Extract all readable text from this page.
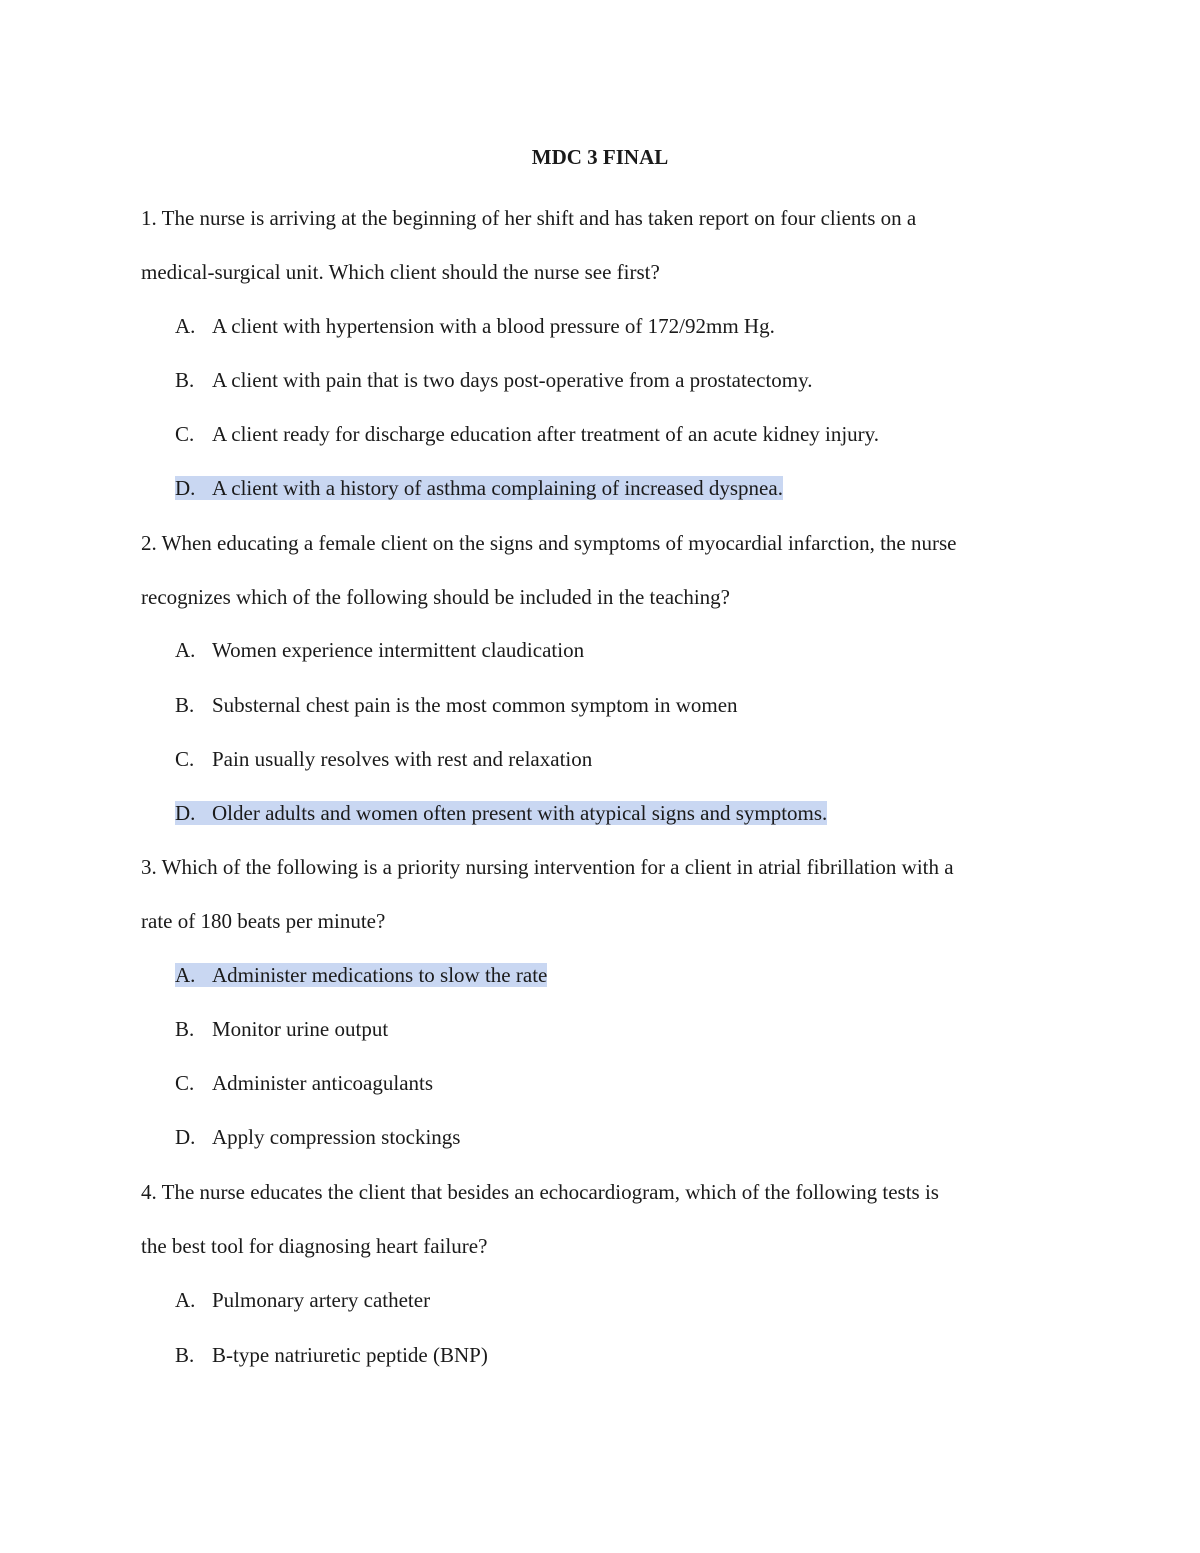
MDC 3 FINAL
1. The nurse is arriving at the beginning of her shift and has taken report on four clients on a
medical-surgical unit. Which client should the nurse see first?
A. A client with hypertension with a blood pressure of 172/92mm Hg.
B. A client with pain that is two days post-operative from a prostatectomy.
C. A client ready for discharge education after treatment of an acute kidney injury.
D. A client with a history of asthma complaining of increased dyspnea.
2. When educating a female client on the signs and symptoms of myocardial infarction, the nurse
recognizes which of the following should be included in the teaching?
A. Women experience intermittent claudication
B. Substernal chest pain is the most common symptom in women
C. Pain usually resolves with rest and relaxation
D. Older adults and women often present with atypical signs and symptoms.
3. Which of the following is a priority nursing intervention for a client in atrial fibrillation with a
rate of 180 beats per minute?
A. Administer medications to slow the rate
B. Monitor urine output
C. Administer anticoagulants
D. Apply compression stockings
4. The nurse educates the client that besides an echocardiogram, which of the following tests is
the best tool for diagnosing heart failure?
A. Pulmonary artery catheter
B. B-type natriuretic peptide (BNP)
